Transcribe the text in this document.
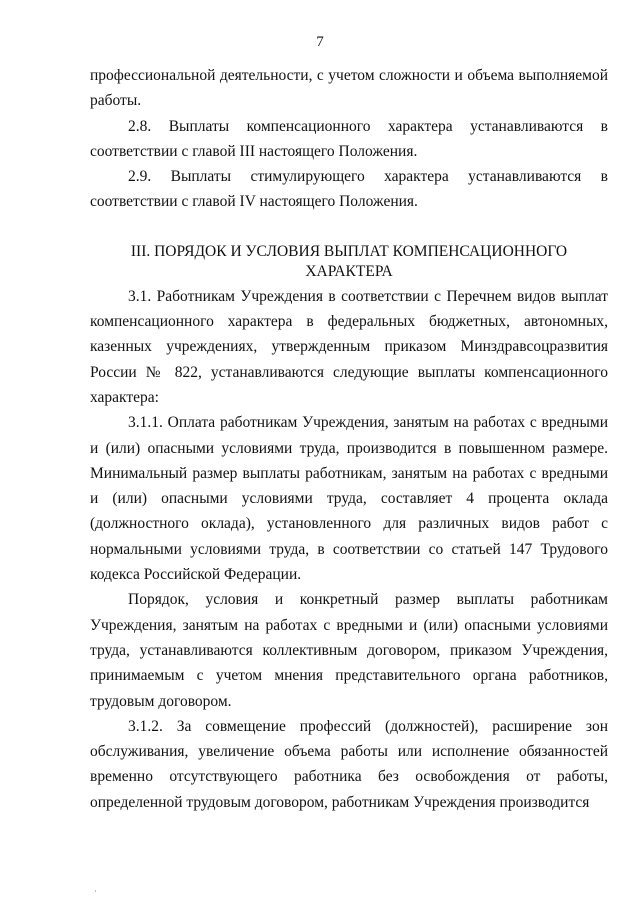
7

профессиональной деятельности, с учетом сложности и объема выполняемой работы.

2.8. Выплаты компенсационного характера устанавливаются в соответствии с главой III настоящего Положения.

2.9. Выплаты стимулирующего характера устанавливаются в соответствии с главой IV настоящего Положения.

III. ПОРЯДОК И УСЛОВИЯ ВЫПЛАТ КОМПЕНСАЦИОННОГО ХАРАКТЕРА

3.1. Работникам Учреждения в соответствии с Перечнем видов выплат компенсационного характера в федеральных бюджетных, автономных, казенных учреждениях, утвержденным приказом Минздравсоцразвития России № 822, устанавливаются следующие выплаты компенсационного характера:

3.1.1. Оплата работникам Учреждения, занятым на работах с вредными и (или) опасными условиями труда, производится в повышенном размере. Минимальный размер выплаты работникам, занятым на работах с вредными и (или) опасными условиями труда, составляет 4 процента оклада (должностного оклада), установленного для различных видов работ с нормальными условиями труда, в соответствии со статьей 147 Трудового кодекса Российской Федерации.

Порядок, условия и конкретный размер выплаты работникам Учреждения, занятым на работах с вредными и (или) опасными условиями труда, устанавливаются коллективным договором, приказом Учреждения, принимаемым с учетом мнения представительного органа работников, трудовым договором.

3.1.2. За совмещение профессий (должностей), расширение зон обслуживания, увеличение объема работы или исполнение обязанностей временно отсутствующего работника без освобождения от работы, определенной трудовым договором, работникам Учреждения производится

·
